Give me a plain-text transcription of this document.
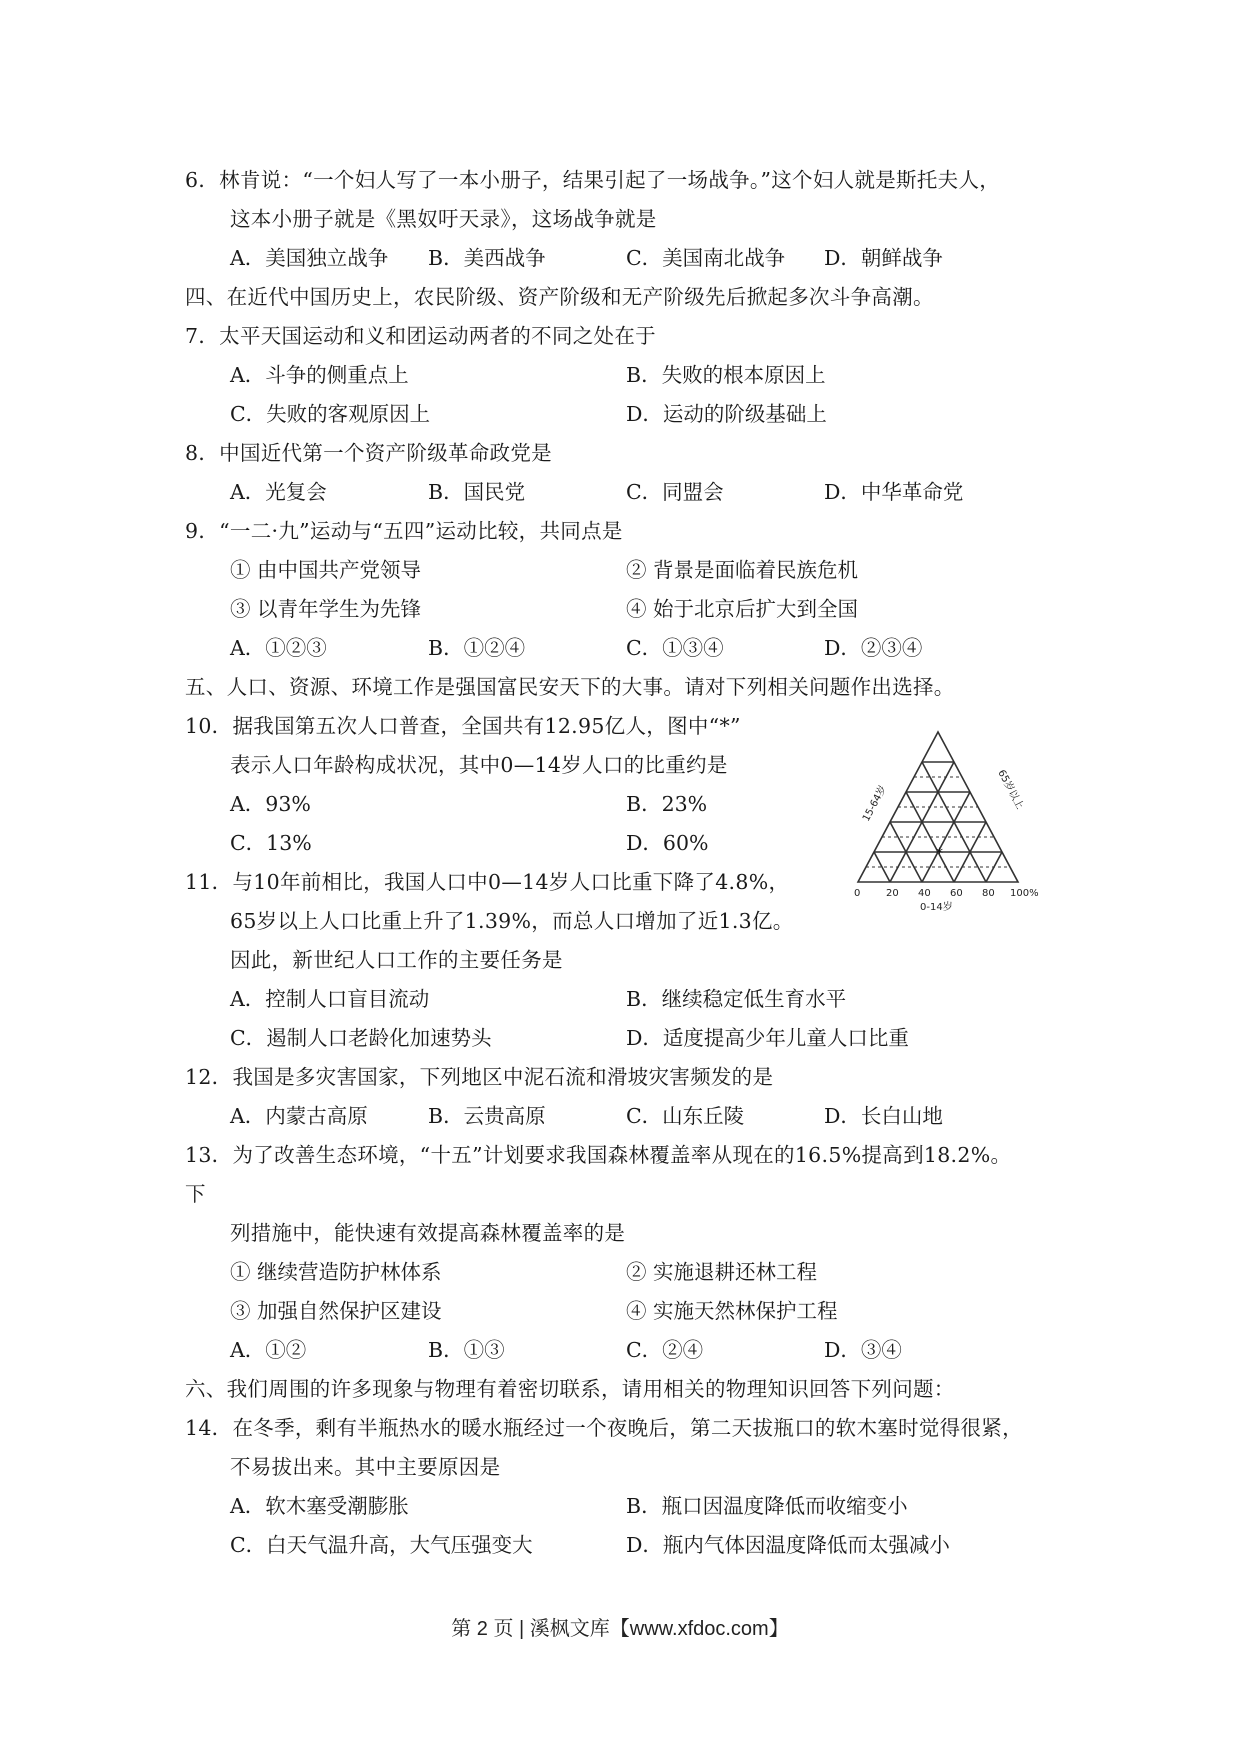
6．林肯说：“一个妇人写了一本小册子，结果引起了一场战争。”这个妇人就是斯托夫人，
这本小册子就是《黑奴吁天录》，这场战争就是
A．美国独立战争 B．美西战争	C．美国南北战争 D．朝鲜战争
四、在近代中国历史上，农民阶级、资产阶级和无产阶级先后掀起多次斗争高潮。
7．太平天国运动和义和团运动两者的不同之处在于
A．斗争的侧重点上	B．失败的根本原因上
C．失败的客观原因上	D．运动的阶级基础上
8．中国近代第一个资产阶级革命政党是
A．光复会	B．国民党	C．同盟会	D．中华革命党
9．“一二·九”运动与“五四”运动比较，共同点是
① 由中国共产党领导	② 背景是面临着民族危机
③ 以青年学生为先锋	④ 始于北京后扩大到全国
A．①②③	B．①②④	C．①③④	D．②③④
五、人口、资源、环境工作是强国富民安天下的大事。请对下列相关问题作出选择。
10．据我国第五次人口普查，全国共有12.95亿人，图中“*”
表示人口年龄构成状况，其中0—14岁人口的比重约是
A．93%	B．23%
C．13%	D．60%	*
0	20 40 60 80 100%
0-14岁
15-64岁	65岁以上
11．与10年前相比，我国人口中0—14岁人口比重下降了4.8%，
65岁以上人口比重上升了1.39%，而总人口增加了近1.3亿。
因此，新世纪人口工作的主要任务是
A．控制人口盲目流动	B．继续稳定低生育水平
C．遏制人口老龄化加速势头	D．适度提高少年儿童人口比重
12．我国是多灾害国家，下列地区中泥石流和滑坡灾害频发的是
A．内蒙古高原	B．云贵高原	C．山东丘陵	D．长白山地
13．为了改善生态环境，“十五”计划要求我国森林覆盖率从现在的16.5%提高到18.2%。
下
列措施中，能快速有效提高森林覆盖率的是
① 继续营造防护林体系	② 实施退耕还林工程
③ 加强自然保护区建设	④ 实施天然林保护工程
A．①②	B．①③	C．②④	D．③④
六、我们周围的许多现象与物理有着密切联系，请用相关的物理知识回答下列问题：
14．在冬季，剩有半瓶热水的暖水瓶经过一个夜晚后，第二天拔瓶口的软木塞时觉得很紧，
不易拔出来。其中主要原因是
A．软木塞受潮膨胀	B．瓶口因温度降低而收缩变小
C．白天气温升高，大气压强变大	D．瓶内气体因温度降低而太强减小
第 2 页 | 溪枫文库【www.xfdoc.com】
